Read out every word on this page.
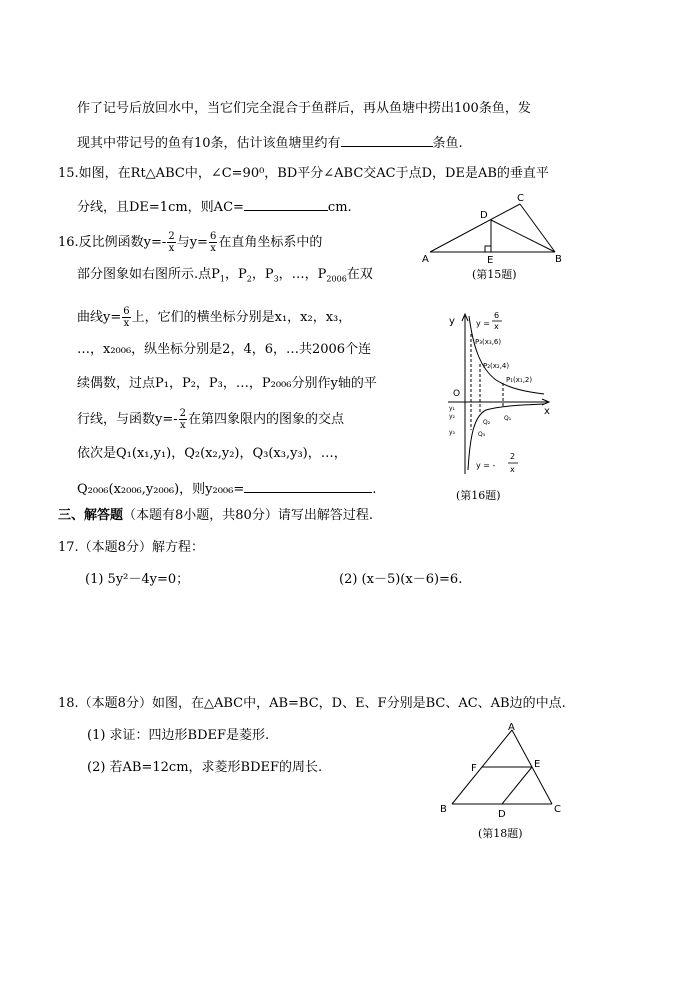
作了记号后放回水中，当它们完全混合于鱼群后，再从鱼塘中捞出100条鱼，发
现其中带记号的鱼有10条，估计该鱼塘里约有	条鱼.
15.如图，在Rt△ABC中，∠C=90⁰，BD平分∠ABC交AC于点D，DE是AB的垂直平
分线，且DE=1cm，则AC=	cm.
A	B
C
D
E
(第15题)
16.反比例函数$y=- \frac{2}{x}$ 与$y= \frac{6}{x}$ 在直角坐标系中的
部分图象如右图所示.点$P_1$，$P_2$，$P_3$，…，$P_{2006}$在双
曲线$y= \frac{6}{x}$ 上，它们的横坐标分别是x₁，x₂，x₃，
…，x₂₀₀₆，纵坐标分别是2，4，6，…共2006个连
续偶数，过点P₁，P₂，P₃，…，P₂₀₀₆分别作y轴的平
行线，与函数$y=- \frac{2}{x}$ 在第四象限内的图象的交点
依次是Q₁(x₁,y₁)，Q₂(x₂,y₂)，Q₃(x₃,y₃)，…，
Q₂₀₀₆(x₂₀₀₆,y₂₀₀₆)，则y₂₀₀₆=	.
y
x
O
y =
6
x
P₃(x₃,6)
P₂(x₂,4)
P₁(x₁,2)
y₁
y₂
y₃
Q₁
Q₂
Q₃
y = -
2
x
(第16题)
三、解答题（本题有8小题，共80分）请写出解答过程.
17.（本题8分）解方程：
(1) 5y²－4y=0；	(2) (x－5)(x－6)=6.
18.（本题8分）如图，在△ABC中，AB=BC，D、E、F分别是BC、AC、AB边的中点.
(1) 求证：四边形BDEF是菱形.
(2) 若AB=12cm，求菱形BDEF的周长.
A
B	C
D
E
F
(第18题)
